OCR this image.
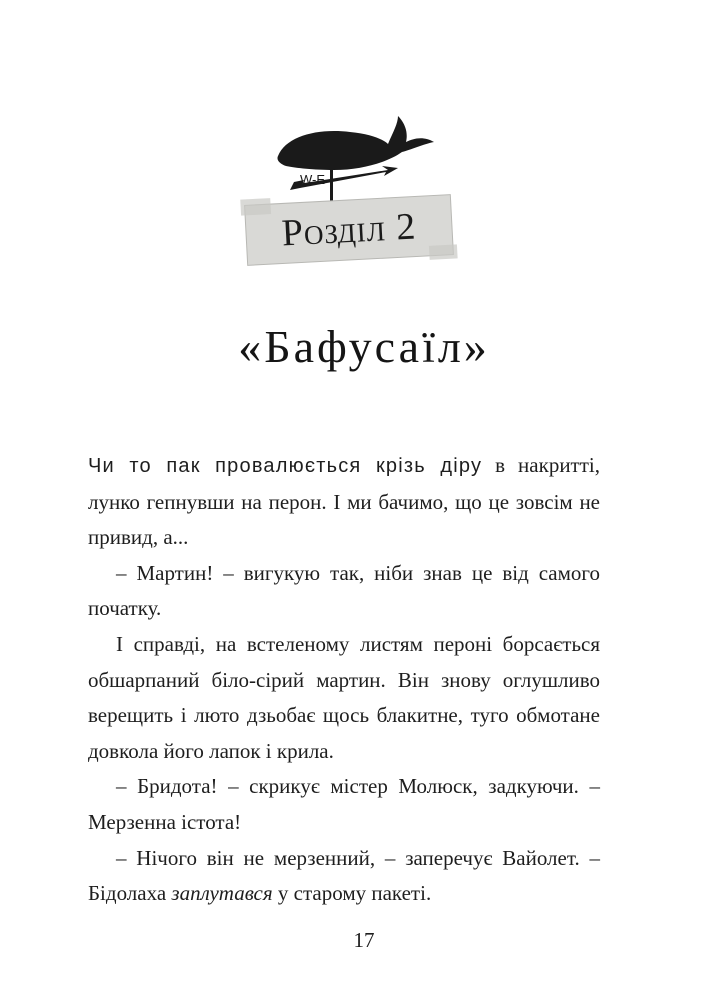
W-E
Розділ 2
«Бафусаїл»

Чи то пак провалюється крізь діру в накритті, лунко гепнувши на перон. І ми бачимо, що це зовсім не привид, а...

– Мартин! – вигукую так, ніби знав це від самого початку.

І справді, на встеленому листям пероні борсається обшарпаний біло-сірий мартин. Він знову оглушливо верещить і люто дзьобає щось блакитне, туго обмотане довкола його лапок і крила.

– Бридота! – скрикує містер Молюск, задкуючи. – Мерзенна істота!

– Нічого він не мерзенний, – заперечує Вайолет. – Бідолаха заплутався у старому пакеті.

17
